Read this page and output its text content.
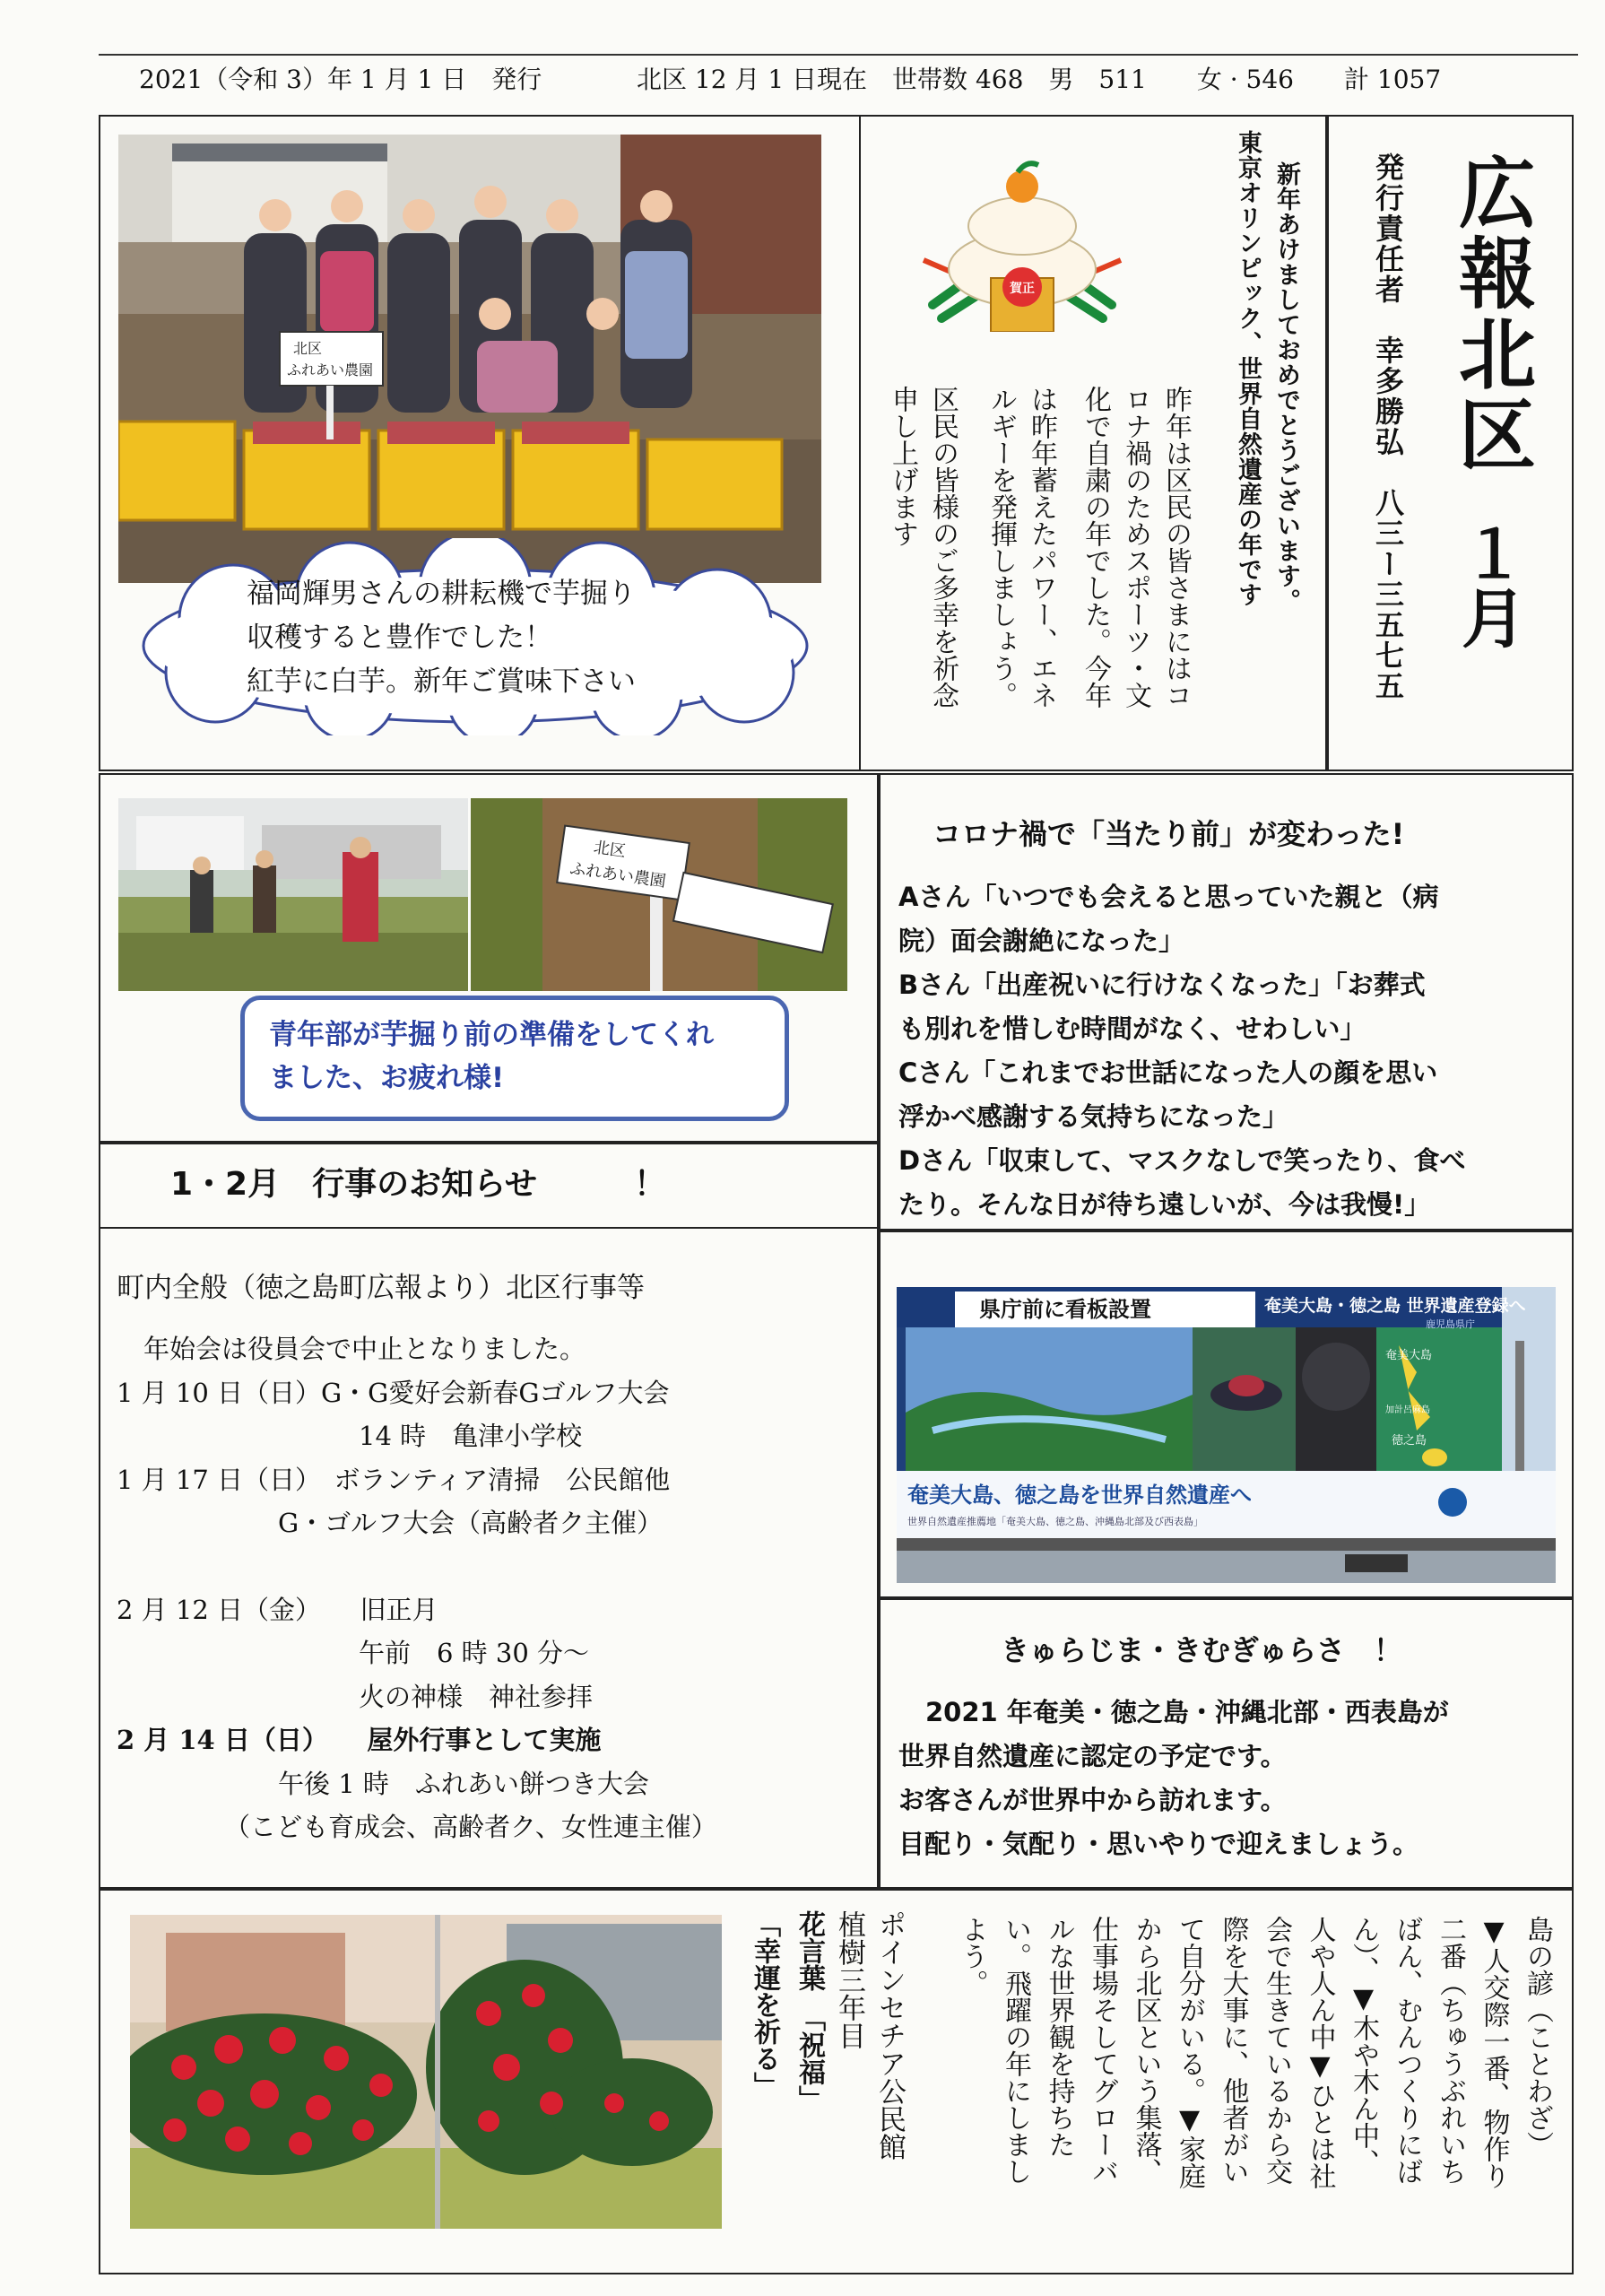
2021（令和 3）年 1 月 1 日　発行	北区 12 月 1 日現在　世帯数 468　男　511　　女 · 546　　計 1057
北区
ふれあい農園
福岡輝男さんの耕耘機で芋掘り
収穫すると豊作でした！
紅芋に白芋。新年ご賞味下さい
賀正	新年あけましておめでとうございます。
東京オリンピック、世界自然遺産の年です
昨年は区民の皆さまにはコ
ロナ禍のためスポーツ・文
化で自粛の年でした。今年
は昨年蓄えたパワー、エネ
ルギーを発揮しましょう。
区民の皆様のご多幸を祈念
申し上げます	広報北区
１月
発行責任者　幸多勝弘　八三ー三五七五
北区
ふれあい農園
青年部が芋掘り前の準備をしてくれ
ました、お疲れ様!
コロナ禍で「当たり前」が変わった!
Aさん「いつでも会えると思っていた親と（病
院）面会謝絶になった」
Bさん「出産祝いに行けなくなった」「お葬式
も別れを惜しむ時間がなく、せわしい」
Cさん「これまでお世話になった人の顔を思い
浮かべ感謝する気持ちになった」
Dさん「収束して、マスクなしで笑ったり、食べ
たり。そんな日が待ち遠しいが、今は我慢!」
1・2月　行事のお知らせ　　　！
町内全般（徳之島町広報より）北区行事等
年始会は役員会で中止となりました。
1 月 10 日（日）G・G愛好会新春Gゴルフ大会
14 時　亀津小学校
1 月 17 日（日）　ボランティア清掃　公民館他
G・ゴルフ大会（高齢者ク主催）
2 月 12 日（金）　　旧正月
午前　6 時 30 分～
火の神様　神社参拝
2 月 14 日（日）　　屋外行事として実施
午後 1 時　ふれあい餅つき大会
（こども育成会、高齢者ク、女性連主催）
県庁前に看板設置	奄美大島・徳之島 世界遺産登録へ
鹿児島県庁
奄美大島
加計呂麻島
徳之島
奄美大島、徳之島を世界自然遺産へ
世界自然遺産推薦地「奄美大島、徳之島、沖縄島北部及び西表島」
きゅらじま・きむぎゅらさ　！
2021 年奄美・徳之島・沖縄北部・西表島が
世界自然遺産に認定の予定です。
お客さんが世界中から訪れます。
目配り・気配り・思いやりで迎えましょう。
ポインセチア公民館
植樹三年目
花言葉　「祝福」
「幸運を祈る」	島の諺（ことわざ）
▼人交際一番、物作り
二番（ちゅうぶれいち
ばん、むんつくりにば
ん）、▼木や木ん中、
人や人ん中▼ひとは社
会で生きているから交
際を大事に、他者がい
て自分がいる。▼家庭
から北区という集落、
仕事場そしてグローバ
ルな世界観を持ちた
い。飛躍の年にしまし
よう。
